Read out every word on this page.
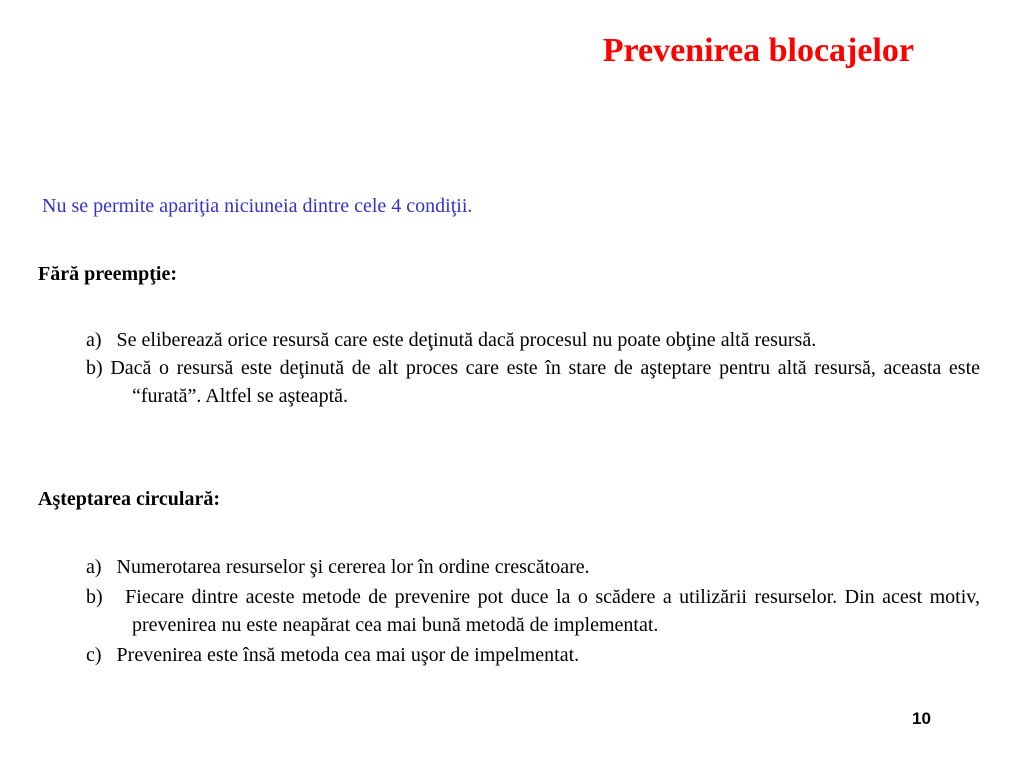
Prevenirea blocajelor
Nu se permite apariţia niciuneia dintre cele 4 condiţii.
Fără preempţie:
a) Se eliberează orice resursă care este deţinută dacă procesul nu poate obţine altă resursă.
b) Dacă o resursă este deţinută de alt proces care este în stare de aşteptare pentru altă resursă, aceasta este “furată”. Altfel se aşteaptă.
Aşteptarea circulară:
a) Numerotarea resurselor şi cererea lor în ordine crescătoare.
b) Fiecare dintre aceste metode de prevenire pot duce la o scădere a utilizării resurselor. Din acest motiv, prevenirea nu este neapărat cea mai bună metodă de implementat.
c) Prevenirea este însă metoda cea mai uşor de impelmentat.
10
